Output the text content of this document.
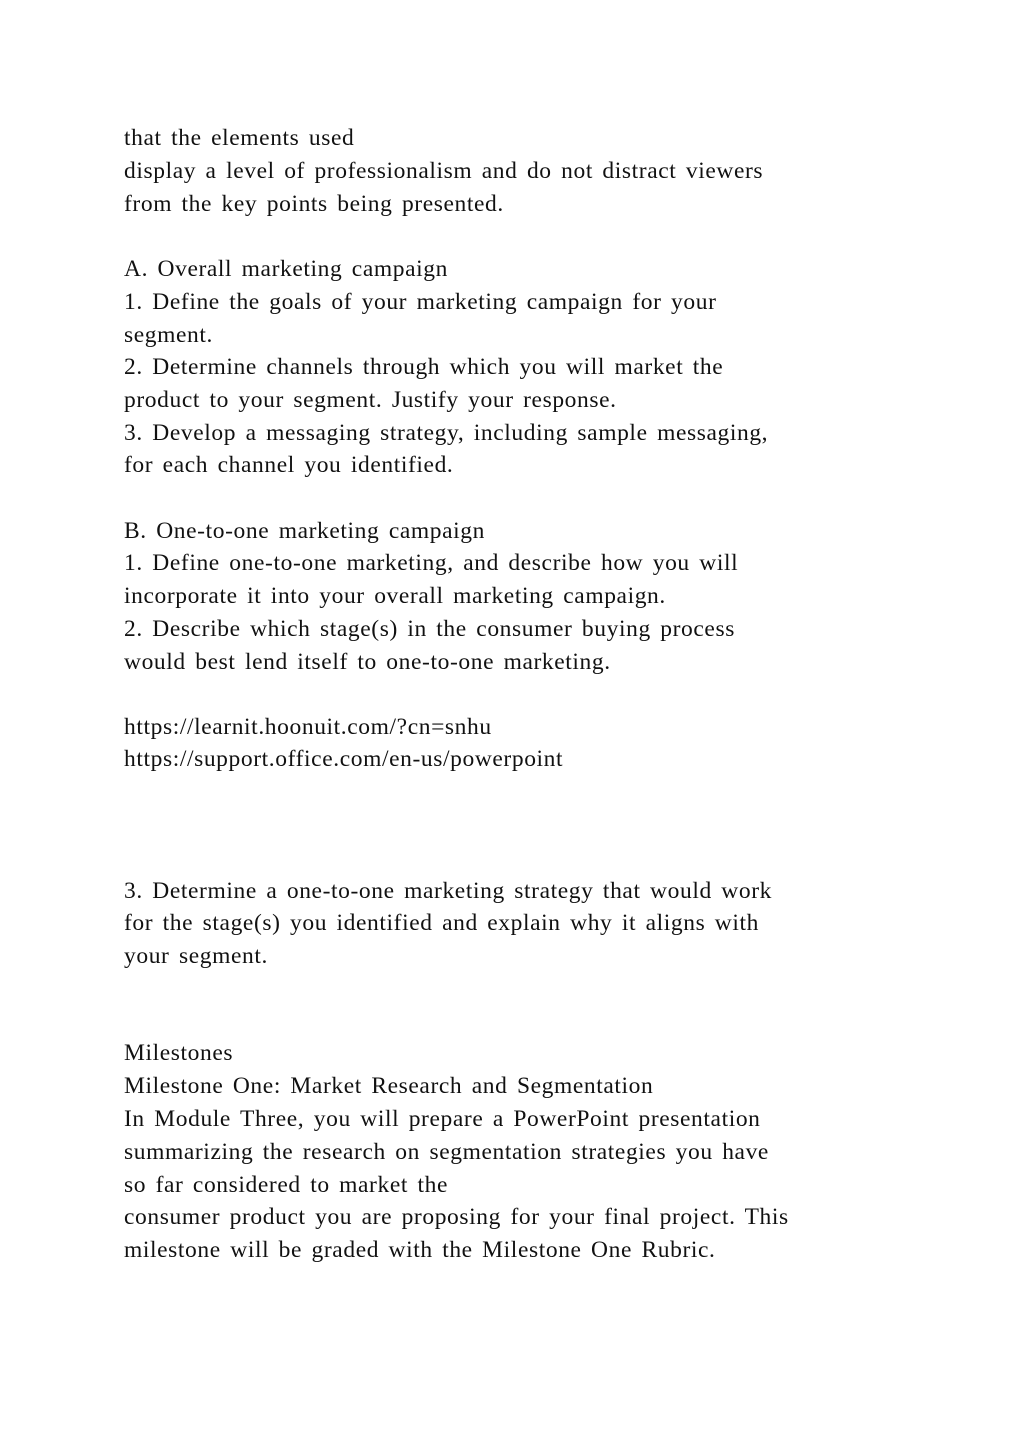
that the elements used
display a level of professionalism and do not distract viewers
from the key points being presented.
A. Overall marketing campaign
1. Define the goals of your marketing campaign for your
segment.
2. Determine channels through which you will market the
product to your segment. Justify your response.
3. Develop a messaging strategy, including sample messaging,
for each channel you identified.
B. One-to-one marketing campaign
1. Define one-to-one marketing, and describe how you will
incorporate it into your overall marketing campaign.
2. Describe which stage(s) in the consumer buying process
would best lend itself to one-to-one marketing.
https://learnit.hoonuit.com/?cn=snhu
https://support.office.com/en-us/powerpoint
3. Determine a one-to-one marketing strategy that would work
for the stage(s) you identified and explain why it aligns with
your segment.
Milestones
Milestone One: Market Research and Segmentation
In Module Three, you will prepare a PowerPoint presentation
summarizing the research on segmentation strategies you have
so far considered to market the
consumer product you are proposing for your final project. This
milestone will be graded with the Milestone One Rubric.
